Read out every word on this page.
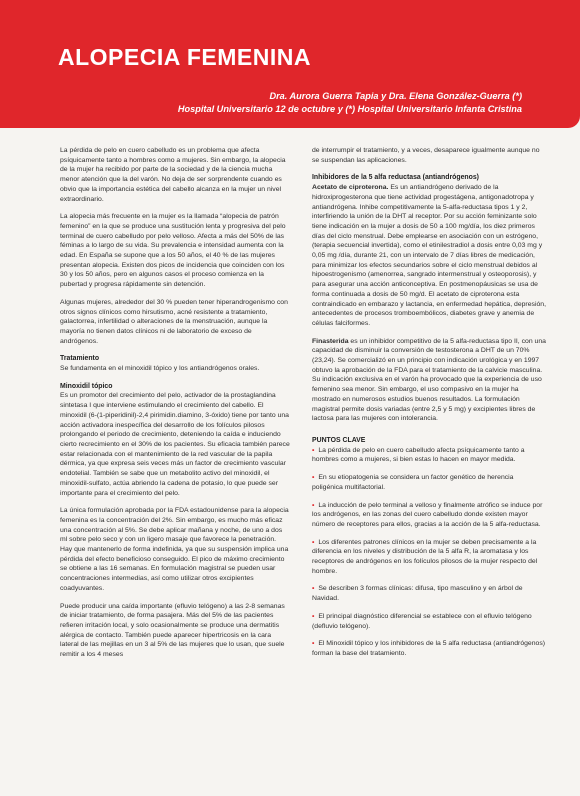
ALOPECIA FEMENINA

Dra. Aurora Guerra Tapia y Dra. Elena González-Guerra (*)
Hospital Universitario 12 de octubre y (*) Hospital Universitario Infanta Cristina

La pérdida de pelo en cuero cabelludo es un problema que afecta psíquicamente tanto a hombres como a mujeres. Sin embargo, la alopecia de la mujer ha recibido por parte de la sociedad y de la ciencia mucha menor atención que la del varón. No deja de ser sorprendente cuando es obvio que la importancia estética del cabello alcanza en la mujer un nivel extraordinario.

La alopecia más frecuente en la mujer es la llamada “alopecia de patrón femenino” en la que se produce una sustitución lenta y progresiva del pelo terminal de cuero cabelludo por pelo velloso. Afecta a más del 50% de las féminas a lo largo de su vida. Su prevalencia e intensidad aumenta con la edad. En España se supone que a los 50 años, el 40 % de las mujeres presentan alopecia. Existen dos picos de incidencia que coinciden con los 30 y los 50 años, pero en algunos casos el proceso comienza en la pubertad y progresa rápidamente sin detención.

Algunas mujeres, alrededor del 30 % pueden tener hiperandrogenismo con otros signos clínicos como hirsutismo, acné resistente a tratamiento, galactorrea, infertilidad o alteraciones de la menstruación, aunque la mayoría no tienen datos clínicos ni de laboratorio de exceso de andrógenos.

Tratamiento

Se fundamenta en el minoxidil tópico y los antiandrógenos orales.

Minoxidil tópico

Es un promotor del crecimiento del pelo, activador de la prostaglandina sintetasa I que interviene estimulando el crecimiento del cabello. El minoxidil (6-(1-piperidinil)-2,4 pirimidin.diamino, 3-óxido) tiene por tanto una acción activadora inespecífica del desarrollo de los folículos pilosos prolongando el periodo de crecimiento, deteniendo la caída e induciendo cierto recrecimiento en el 30% de los pacientes. Su eficacia también parece estar relacionada con el mantenimiento de la red vascular de la papila dérmica, ya que expresa seis veces más un factor de crecimiento vascular endotelial. También se sabe que un metabolito activo del minoxidil, el minoxidil-sulfato, actúa abriendo la cadena de potasio, lo que puede ser importante para el crecimiento del pelo.

La única formulación aprobada por la FDA estadounidense para la alopecia femenina es la concentración del 2%. Sin embargo, es mucho más eficaz una concentración al 5%. Se debe aplicar mañana y noche, de uno a dos ml sobre pelo seco y con un ligero masaje que favorece la penetración. Hay que mantenerlo de forma indefinida, ya que su suspensión implica una pérdida del efecto beneficioso conseguido. El pico de máximo crecimiento se obtiene a las 16 semanas. En formulación magistral se pueden usar concentraciones intermedias, así como utilizar otros excipientes coadyuvantes.

Puede producir una caída importante (efluvio telógeno) a las 2-8 semanas de iniciar tratamiento, de forma pasajera. Más del 5% de las pacientes refieren irritación local, y solo ocasionalmente se produce una dermatitis alérgica de contacto. También puede aparecer hipertricosis en la cara lateral de las mejillas en un 3 al 5% de las mujeres que lo usan, que suele remitir a los 4 meses

de interrumpir el tratamiento, y a veces, desaparece igualmente aunque no se suspendan las aplicaciones.

Inhibidores de la 5 alfa reductasa (antiandrógenos)

Acetato de ciproterona. Es un antiandrógeno derivado de la hidroxiprogesterona que tiene actividad progestágena, antigonadotropa y antiandrógena. Inhibe competitivamente la 5-alfa-reductasa tipos 1 y 2, interfiriendo la unión de la DHT al receptor. Por su acción feminizante solo tiene indicación en la mujer a dosis de 50 a 100 mg/día, los diez primeros días del ciclo menstrual. Debe emplearse en asociación con un estrógeno, (terapia secuencial invertida), como el etinilestradiol a dosis entre 0,03 mg y 0,05 mg /día, durante 21, con un intervalo de 7 días libres de medicación, para minimizar los efectos secundarios sobre el ciclo menstrual debidos al hipoestrogenismo (amenorrea, sangrado intermenstrual y osteoporosis), y para asegurar una acción anticonceptiva. En postmenopáusicas se usa de forma continuada a dosis de 50 mg/d. El acetato de ciproterona esta contraindicado en embarazo y lactancia, en enfermedad hepática, depresión, antecedentes de procesos tromboembólicos, diabetes grave y anemia de células falciformes.

Finasterida es un inhibidor competitivo de la 5 alfa-reductasa tipo II, con una capacidad de disminuir la conversión de testosterona a DHT de un 70% (23,24). Se comercializó en un principio con indicación urológica y en 1997 obtuvo la aprobación de la FDA para el tratamiento de la calvicie masculina. Su indicación exclusiva en el varón ha provocado que la experiencia de uso femenino sea menor. Sin embargo, el uso compasivo en la mujer ha mostrado en numerosos estudios buenos resultados. La formulación magistral permite dosis variadas (entre 2,5 y 5 mg) y excipientes libres de lactosa para las mujeres con intolerancia.

PUNTOS CLAVE
• La pérdida de pelo en cuero cabelludo afecta psíquicamente tanto a hombres como a mujeres, si bien estas lo hacen en mayor medida.
• En su etiopatogenia se considera un factor genético de herencia poligénica multifactorial.
• La inducción de pelo terminal a velloso y finalmente atrófico se induce por los andrógenos, en las zonas del cuero cabelludo donde existen mayor número de receptores para ellos, gracias a la acción de la 5 alfa-reductasa.
• Los diferentes patrones clínicos en la mujer se deben precisamente a la diferencia en los niveles y distribución de la 5 alfa R, la aromatasa y los receptores de andrógenos en los folículos pilosos de la mujer respecto del hombre.
• Se describen 3 formas clínicas: difusa, tipo masculino y en árbol de Navidad.
• El principal diagnóstico diferencial se establece con el efluvio telógeno (defluvio telógeno).
• El Minoxidil tópico y los inhibidores de la 5 alfa reductasa (antiandrógenos) forman la base del tratamiento.
